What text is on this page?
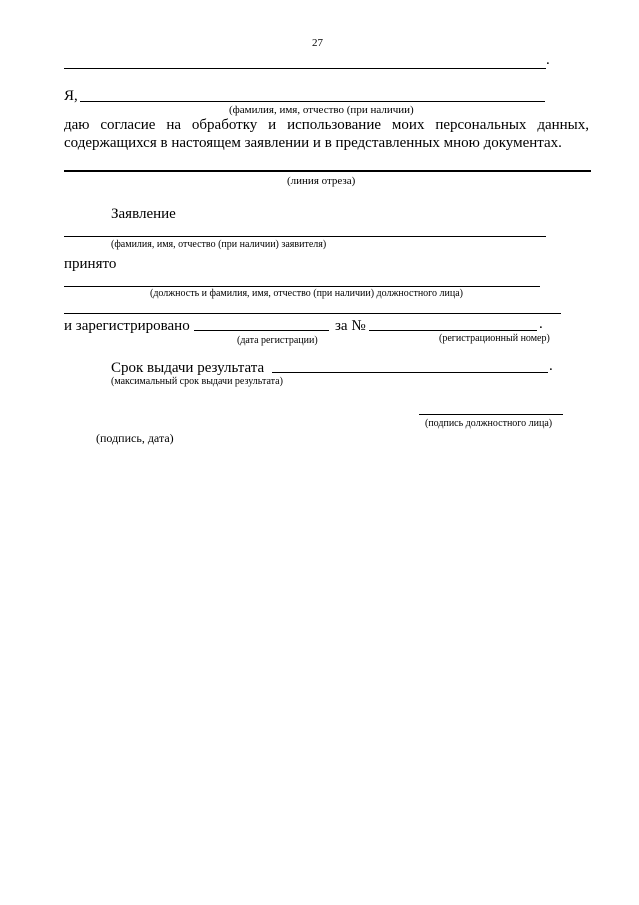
27
.
Я,
(фамилия, имя, отчество (при наличии)
даю согласие на обработку и использование моих персональных данных,
содержащихся в настоящем заявлении и в представленных мною документах.
(линия отреза)
Заявление
(фамилия, имя, отчество (при наличии) заявителя)
принято
(должность и фамилия, имя, отчество (при наличии) должностного лица)
и зарегистрировано	за №	.
(дата регистрации)	(регистрационный номер)
Срок выдачи результата	.
(максимальный срок выдачи результата)
(подпись должностного лица)
(подпись, дата)
